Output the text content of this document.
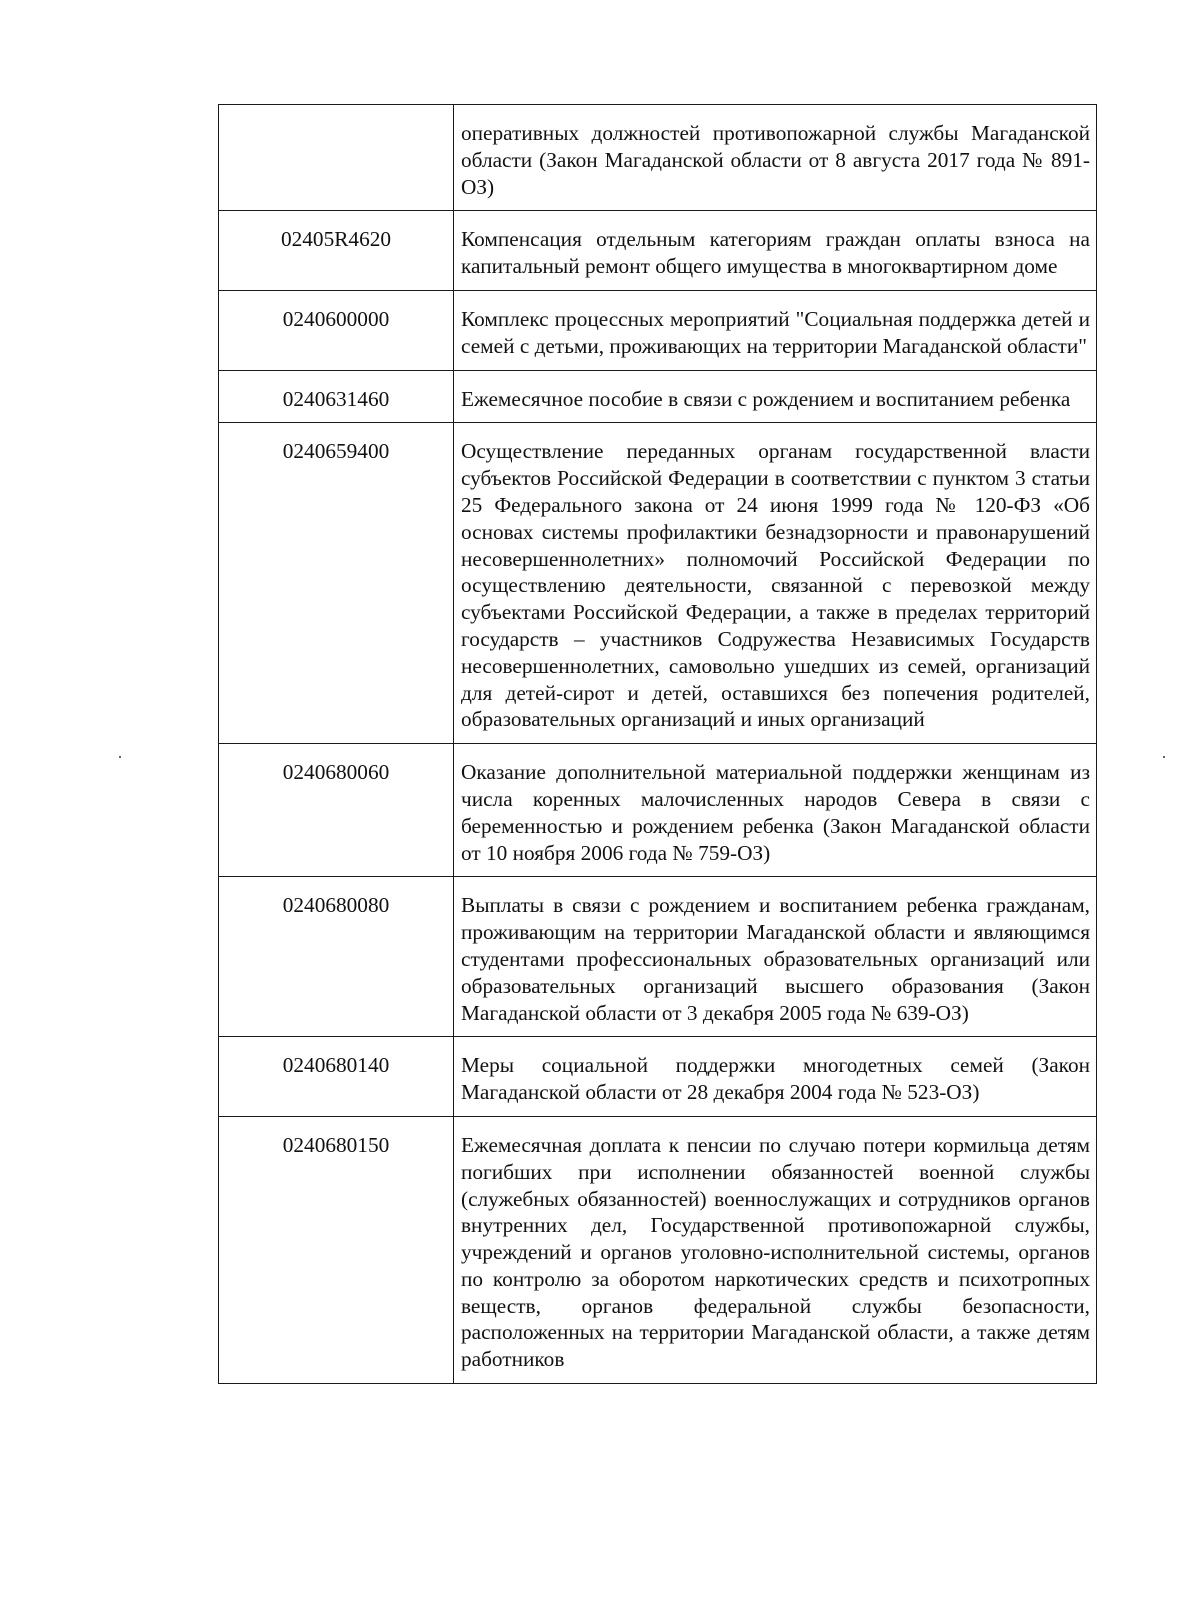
	оперативных должностей противопожарной службы Магаданской области (Закон Магаданской области от 8 августа 2017 года № 891-ОЗ)
02405R4620	Компенсация отдельным категориям граждан оплаты взноса на капитальный ремонт общего имущества в многоквартирном доме
0240600000	Комплекс процессных мероприятий "Социальная поддержка детей и семей с детьми, проживающих на территории Магаданской области"
0240631460	Ежемесячное пособие в связи с рождением и воспитанием ребенка
0240659400	Осуществление переданных органам государственной власти субъектов Российской Федерации в соответствии с пунктом 3 статьи 25 Федерального закона от 24 июня 1999 года № 120-ФЗ «Об основах системы профилактики безнадзорности и правонарушений несовершеннолетних» полномочий Российской Федерации по осуществлению деятельности, связанной с перевозкой между субъектами Российской Федерации, а также в пределах территорий государств – участников Содружества Независимых Государств несовершеннолетних, самовольно ушедших из семей, организаций для детей-сирот и детей, оставшихся без попечения родителей, образовательных организаций и иных организаций
0240680060	Оказание дополнительной материальной поддержки женщинам из числа коренных малочисленных народов Севера в связи с беременностью и рождением ребенка (Закон Магаданской области от 10 ноября 2006 года № 759-ОЗ)
0240680080	Выплаты в связи с рождением и воспитанием ребенка гражданам, проживающим на территории Магаданской области и являющимся студентами профессиональных образовательных организаций или образовательных организаций высшего образования (Закон Магаданской области от 3 декабря 2005 года № 639-ОЗ)
0240680140	Меры социальной поддержки многодетных семей (Закон Магаданской области от 28 декабря 2004 года № 523-ОЗ)
0240680150	Ежемесячная доплата к пенсии по случаю потери кормильца детям погибших при исполнении обязанностей военной службы (служебных обязанностей) военнослужащих и сотрудников органов внутренних дел, Государственной противопожарной службы, учреждений и органов уголовно-исполнительной системы, органов по контролю за оборотом наркотических средств и психотропных веществ, органов федеральной службы безопасности, расположенных на территории Магаданской области, а также детям работников
